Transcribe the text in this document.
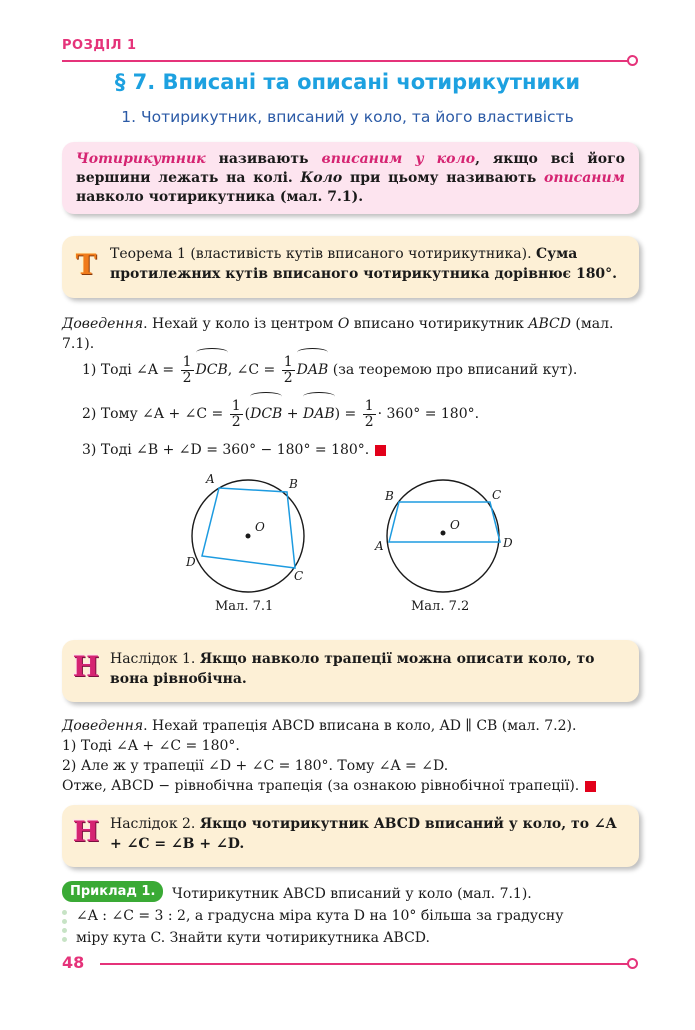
РОЗДІЛ 1
§ 7. Вписані та описані чотирикутники
1. Чотирикутник, вписаний у коло, та його властивість
Чотирикутник називають вписаним у коло, якщо всі його вершини лежать на колі. Коло при цьому називають описаним навколо чотирикутника (мал. 7.1).
Т Теорема 1 (властивість кутів вписаного чотирикутника). Сума протилежних кутів вписаного чотирикутника дорівнює 180°.
Доведення. Нехай у коло із центром O вписано чотирикутник ABCD (мал. 7.1).
1) Тоді ∠A = $\frac{1}{2}$ DCB, ∠C = $\frac{1}{2}$ DAB (за теоремою про вписаний кут).
2) Тому ∠A + ∠C = $\frac{1}{2} (DCB + DAB) = \frac{1}{2} \cdot 360^\circ = 180^\circ$.
3) Тоді ∠B + ∠D = 360° − 180° = 180°.
O
A	B
C
D
Мал. 7.1
O
B	C
A	D
Мал. 7.2
Н Наслідок 1. Якщо навколо трапеції можна описати коло, то вона рівнобічна.
Доведення. Нехай трапеція ABCD вписана в коло, AD ∥ CB (мал. 7.2).
1) Тоді ∠A + ∠C = 180°.
2) Але ж у трапеції ∠D + ∠C = 180°. Тому ∠A = ∠D.
Отже, ABCD − рівнобічна трапеція (за ознакою рівнобічної трапеції).
Н Наслідок 2. Якщо чотирикутник ABCD вписаний у коло, то ∠A + ∠C = ∠B + ∠D.
Приклад 1.	Чотирикутник ABCD вписаний у коло (мал. 7.1).
∠A : ∠C = 3 : 2, а градусна міра кута D на 10° більша за градусну
міру кута C. Знайти кути чотирикутника ABCD.
48
